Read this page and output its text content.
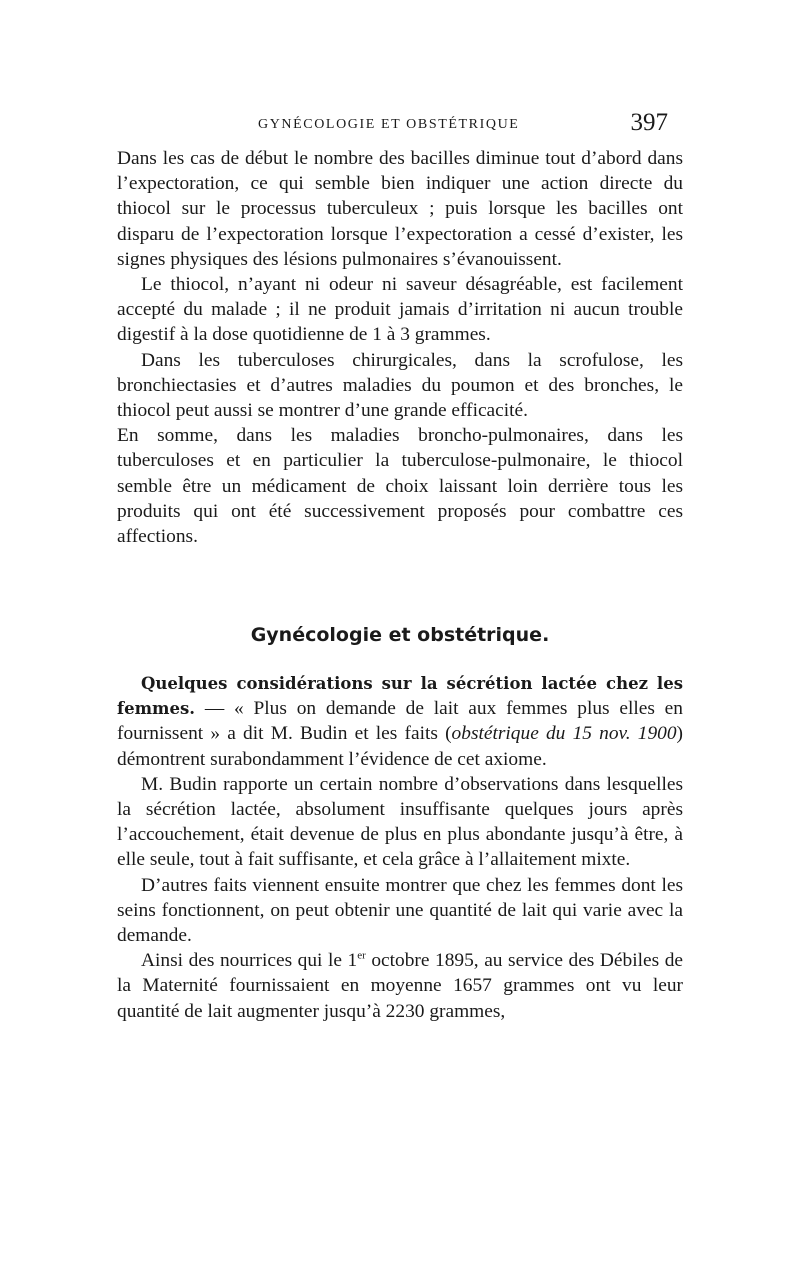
GYNÉCOLOGIE ET OBSTÉTRIQUE	397

Dans les cas de début le nombre des bacilles diminue tout d’abord dans l’expectoration, ce qui semble bien indiquer une action directe du thiocol sur le processus tuberculeux ; puis lorsque les bacilles ont disparu de l’expectoration lorsque l’expectoration a cessé d’exister, les signes physiques des lésions pulmonaires s’évanouissent.

Le thiocol, n’ayant ni odeur ni saveur désagréable, est facilement accepté du malade ; il ne produit jamais d’irritation ni aucun trouble digestif à la dose quotidienne de 1 à 3 grammes.

Dans les tuberculoses chirurgicales, dans la scrofulose, les bronchiectasies et d’autres maladies du poumon et des bronches, le thiocol peut aussi se montrer d’une grande efficacité.

En somme, dans les maladies broncho-pulmonaires, dans les tuberculoses et en particulier la tuberculose-pulmonaire, le thiocol semble être un médicament de choix laissant loin derrière tous les produits qui ont été successivement proposés pour combattre ces affections.

Gynécologie et obstétrique.

Quelques considérations sur la sécrétion lactée chez les femmes. — « Plus on demande de lait aux femmes plus elles en fournissent » a dit M. Budin et les faits (obstétrique du 15 nov. 1900) démontrent surabondamment l’évidence de cet axiome.

M. Budin rapporte un certain nombre d’observations dans lesquelles la sécrétion lactée, absolument insuffisante quelques jours après l’accouchement, était devenue de plus en plus abondante jusqu’à être, à elle seule, tout à fait suffisante, et cela grâce à l’allaitement mixte.

D’autres faits viennent ensuite montrer que chez les femmes dont les seins fonctionnent, on peut obtenir une quantité de lait qui varie avec la demande.

Ainsi des nourrices qui le 1er octobre 1895, au service des Débiles de la Maternité fournissaient en moyenne 1657 grammes ont vu leur quantité de lait augmenter jusqu’à 2230 grammes,
